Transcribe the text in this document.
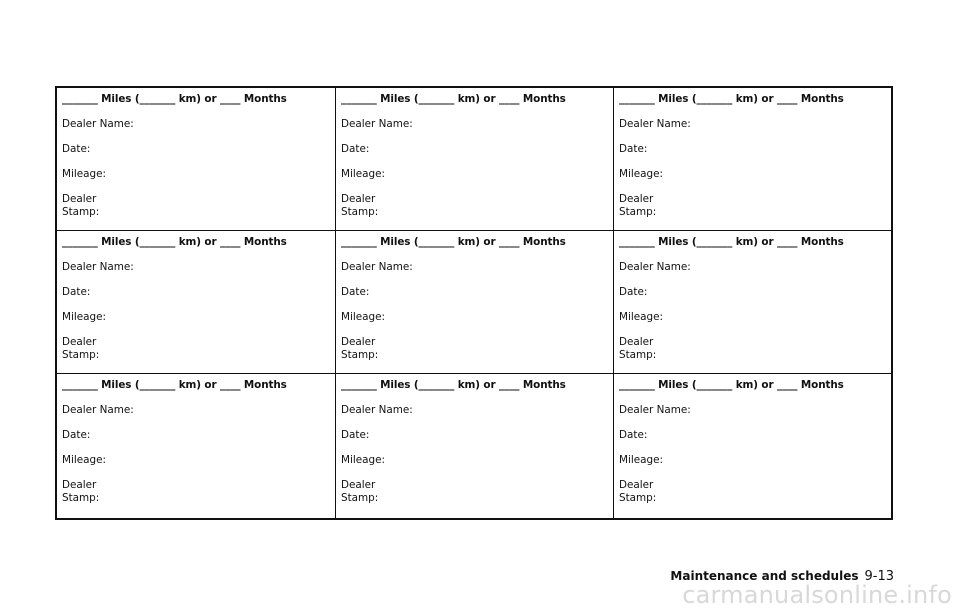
_______ Miles (_______ km) or ____ Months
Dealer Name:
Date:
Mileage:
Dealer
Stamp:
_______ Miles (_______ km) or ____ Months
Dealer Name:
Date:
Mileage:
Dealer
Stamp:
_______ Miles (_______ km) or ____ Months
Dealer Name:
Date:
Mileage:
Dealer
Stamp:
_______ Miles (_______ km) or ____ Months
Dealer Name:
Date:
Mileage:
Dealer
Stamp:
_______ Miles (_______ km) or ____ Months
Dealer Name:
Date:
Mileage:
Dealer
Stamp:
_______ Miles (_______ km) or ____ Months
Dealer Name:
Date:
Mileage:
Dealer
Stamp:
_______ Miles (_______ km) or ____ Months
Dealer Name:
Date:
Mileage:
Dealer
Stamp:
_______ Miles (_______ km) or ____ Months
Dealer Name:
Date:
Mileage:
Dealer
Stamp:
_______ Miles (_______ km) or ____ Months
Dealer Name:
Date:
Mileage:
Dealer
Stamp:
Maintenance and schedules 9-13
carmanualsonline.info
